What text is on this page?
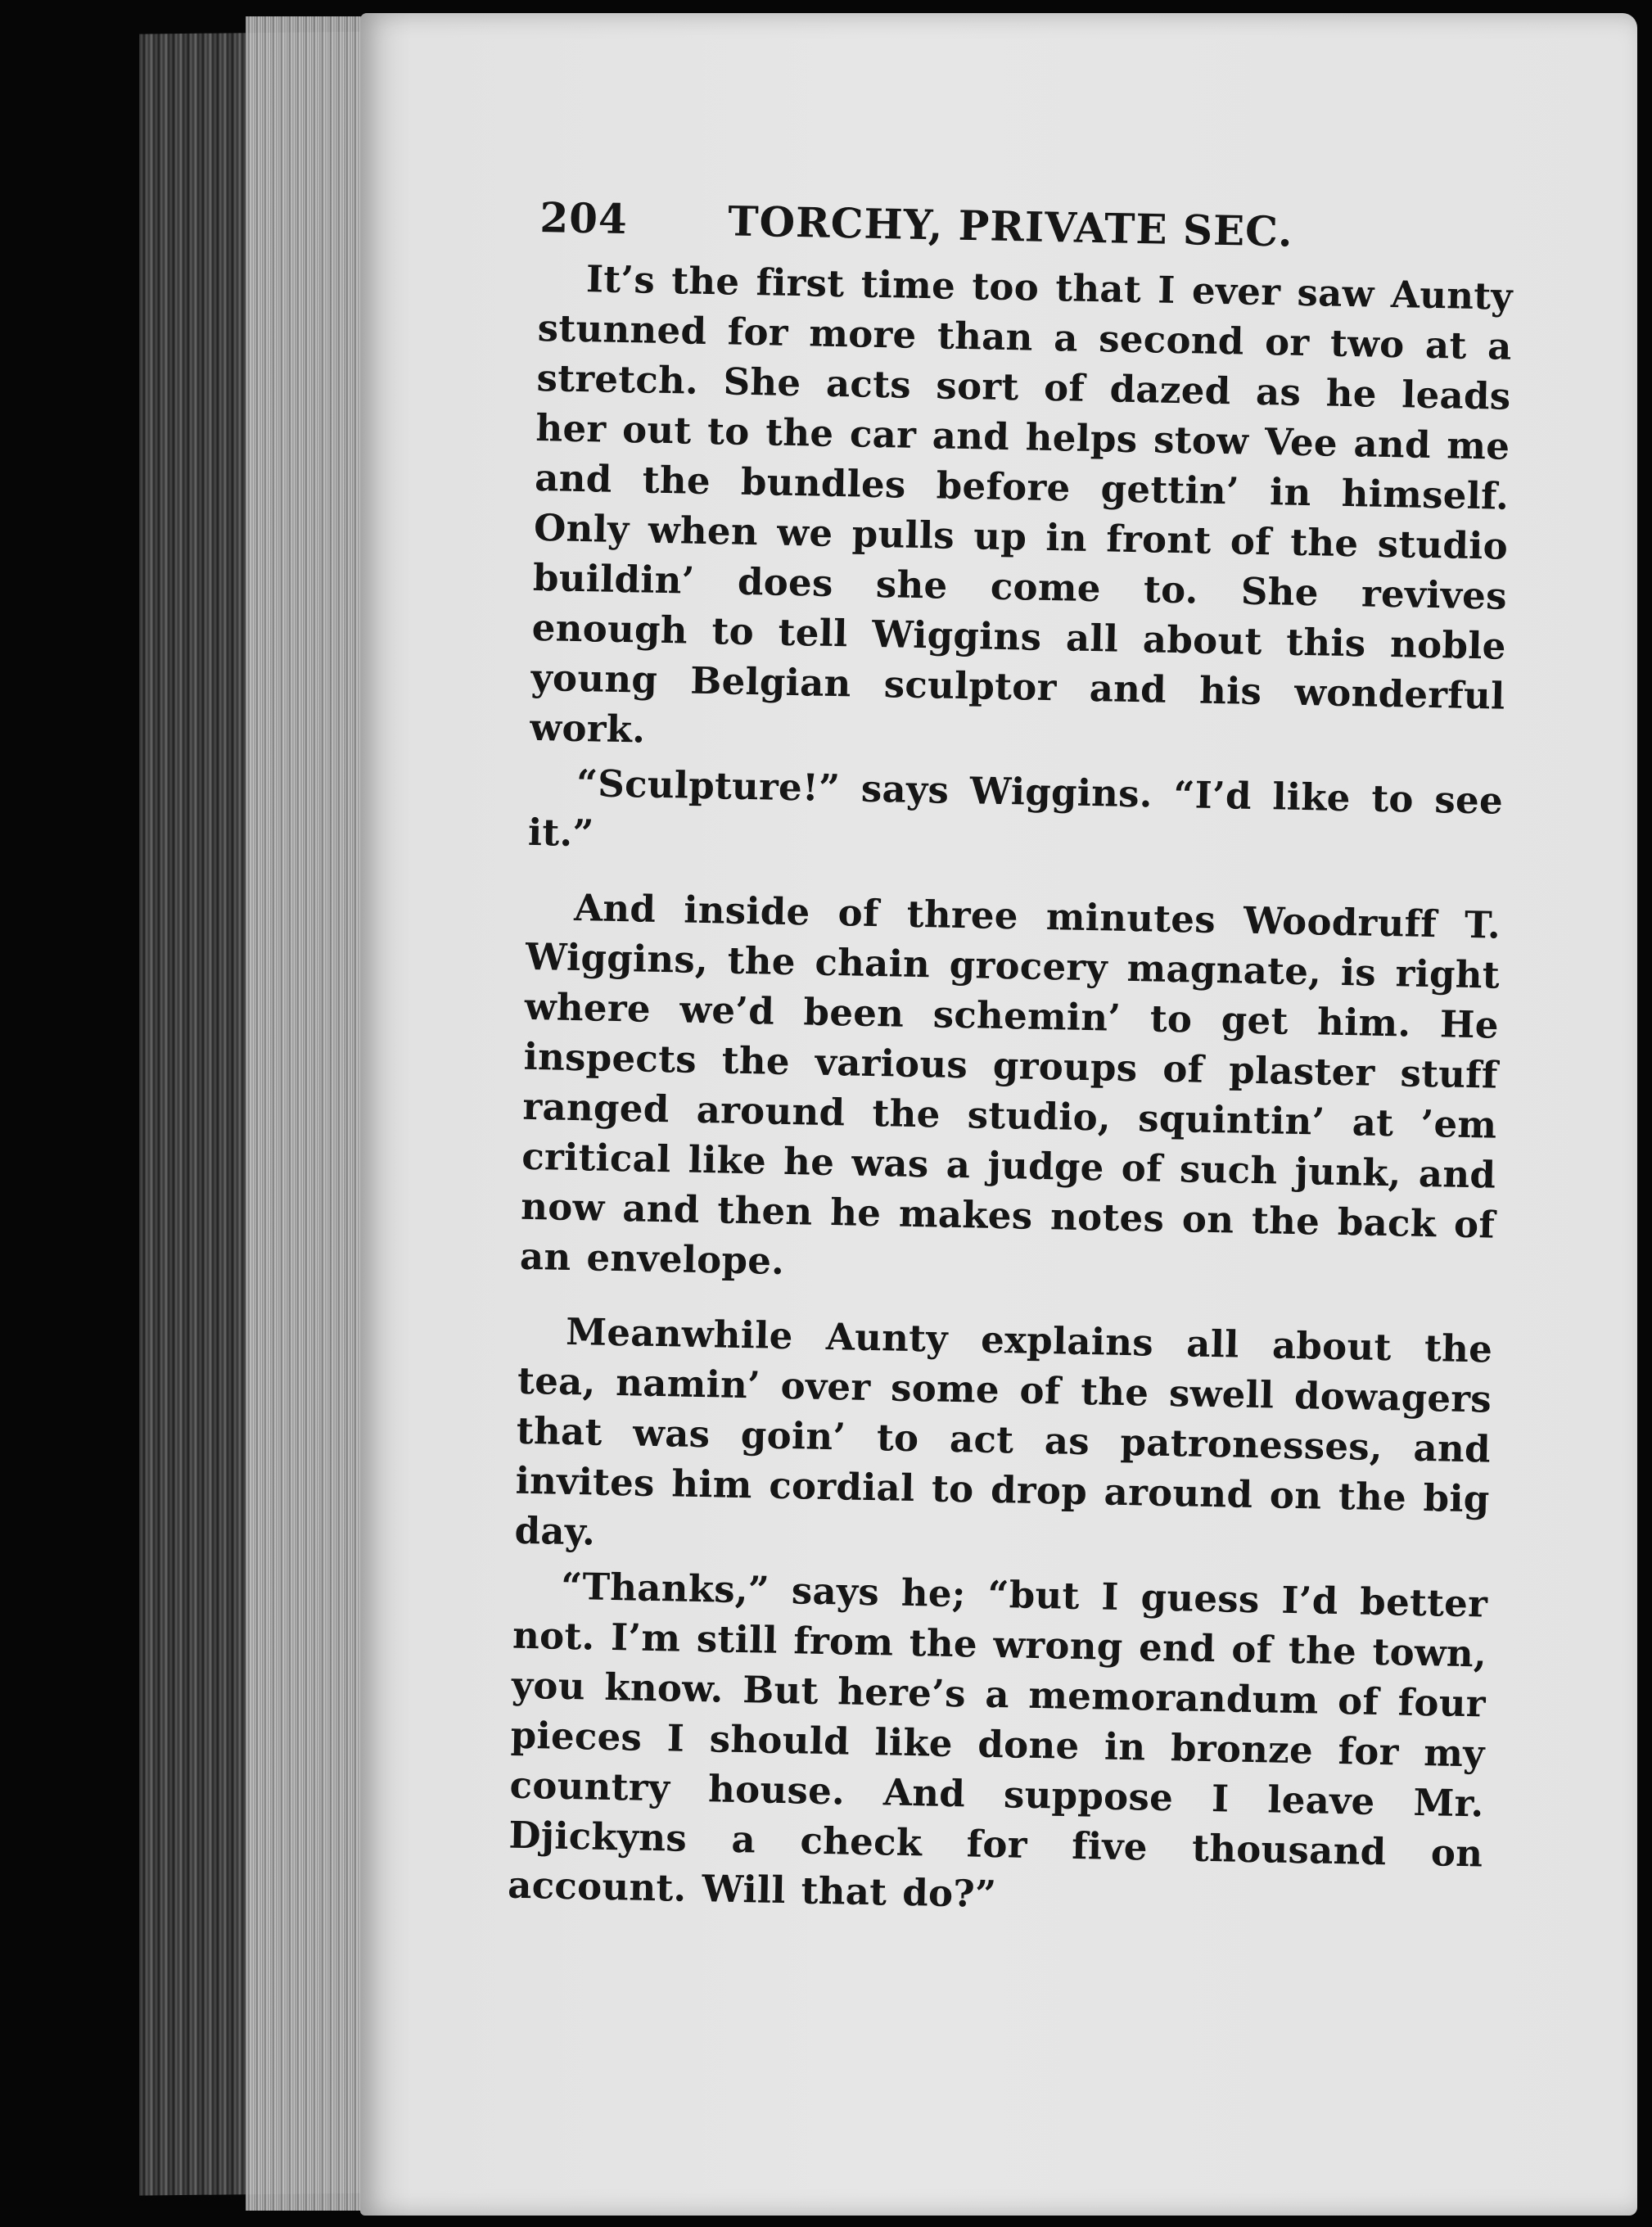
204	TORCHY, PRIVATE SEC.

It’s the first time too that I ever saw Aunty stunned for more than a second or two at a stretch. She acts sort of dazed as he leads her out to the car and helps stow Vee and me and the bundles before gettin’ in himself. Only when we pulls up in front of the studio buildin’ does she come to. She revives enough to tell Wiggins all about this noble young Belgian sculptor and his wonderful work.

“Sculpture!” says Wiggins. “I’d like to see it.”

And inside of three minutes Woodruff T. Wiggins, the chain grocery magnate, is right where we’d been schemin’ to get him. He inspects the various groups of plaster stuff ranged around the studio, squintin’ at ’em critical like he was a judge of such junk, and now and then he makes notes on the back of an envelope.

Meanwhile Aunty explains all about the tea, namin’ over some of the swell dowagers that was goin’ to act as patronesses, and invites him cordial to drop around on the big day.

“Thanks,” says he; “but I guess I’d better not. I’m still from the wrong end of the town, you know. But here’s a memorandum of four pieces I should like done in bronze for my country house. And suppose I leave Mr. Djickyns a check for five thousand on account. Will that do?”
